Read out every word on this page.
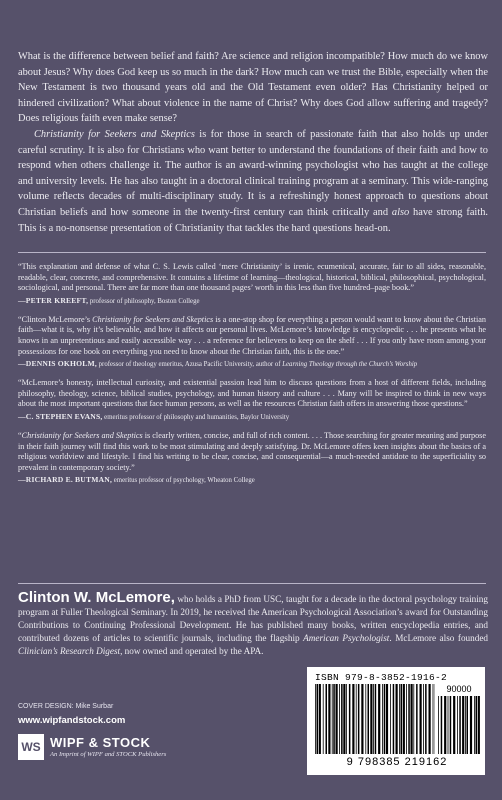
What is the difference between belief and faith? Are science and religion incompatible? How much do we know about Jesus? Why does God keep us so much in the dark? How much can we trust the Bible, especially when the New Testament is two thousand years old and the Old Testament even older? Has Christianity helped or hindered civilization? What about violence in the name of Christ? Why does God allow suffering and tragedy? Does religious faith even make sense?

Christianity for Seekers and Skeptics is for those in search of passionate faith that also holds up under careful scrutiny. It is also for Christians who want better to understand the foundations of their faith and how to respond when others challenge it. The author is an award-winning psychologist who has taught at the college and university levels. He has also taught in a doctoral clinical training program at a seminary. This wide-ranging volume reflects decades of multi-disciplinary study. It is a refreshingly honest approach to questions about Christian beliefs and how someone in the twenty-first century can think critically and also have strong faith. This is a no-nonsense presentation of Christianity that tackles the hard questions head-on.

“This explanation and defense of what C. S. Lewis called ‘mere Christianity’ is irenic, ecumenical, accurate, fair to all sides, reasonable, readable, clear, concrete, and comprehensive. It contains a lifetime of learning—theological, historical, biblical, philosophical, psychological, sociological, and personal. There are far more than one thousand pages’ worth in this less than five hundred–page book.”

—PETER KREEFT, professor of philosophy, Boston College

“Clinton McLemore’s Christianity for Seekers and Skeptics is a one-stop shop for everything a person would want to know about the Christian faith—what it is, why it’s believable, and how it affects our personal lives. McLemore’s knowledge is encyclopedic . . . he presents what he knows in an unpretentious and easily accessible way . . . a reference for believers to keep on the shelf . . . If you only have room among your possessions for one book on everything you need to know about the Christian faith, this is the one.”

—DENNIS OKHOLM, professor of theology emeritus, Azusa Pacific University, author of Learning Theology through the Church’s Worship

“McLemore’s honesty, intellectual curiosity, and existential passion lead him to discuss questions from a host of different fields, including philosophy, theology, science, biblical studies, psychology, and human history and culture . . . Many will be inspired to think in new ways about the most important questions that face human persons, as well as the resources Christian faith offers in answering those questions.”

—C. STEPHEN EVANS, emeritus professor of philosophy and humanities, Baylor University

“Christianity for Seekers and Skeptics is clearly written, concise, and full of rich content. . . . Those searching for greater meaning and purpose in their faith journey will find this work to be most stimulating and deeply satisfying. Dr. McLemore offers keen insights about the basics of a religious worldview and lifestyle. I find his writing to be clear, concise, and consequential—a much-needed antidote to the superficiality so prevalent in contemporary society.”

—RICHARD E. BUTMAN, emeritus professor of psychology, Wheaton College

Clinton W. McLemore, who holds a PhD from USC, taught for a decade in the doctoral psychology training program at Fuller Theological Seminary. In 2019, he received the American Psychological Association’s award for Outstanding Contributions to Continuing Professional Development. He has published many books, written encyclopedia entries, and contributed dozens of articles to scientific journals, including the flagship American Psychologist. McLemore also founded Clinician’s Research Digest, now owned and operated by the APA.
COVER DESIGN: Mike Surbar
www.wipfandstock.com
WS WIPF & STOCK
An Imprint of WIPF and STOCK Publishers
ISBN 979-8-3852-1916-2
90000
9 798385 219162
